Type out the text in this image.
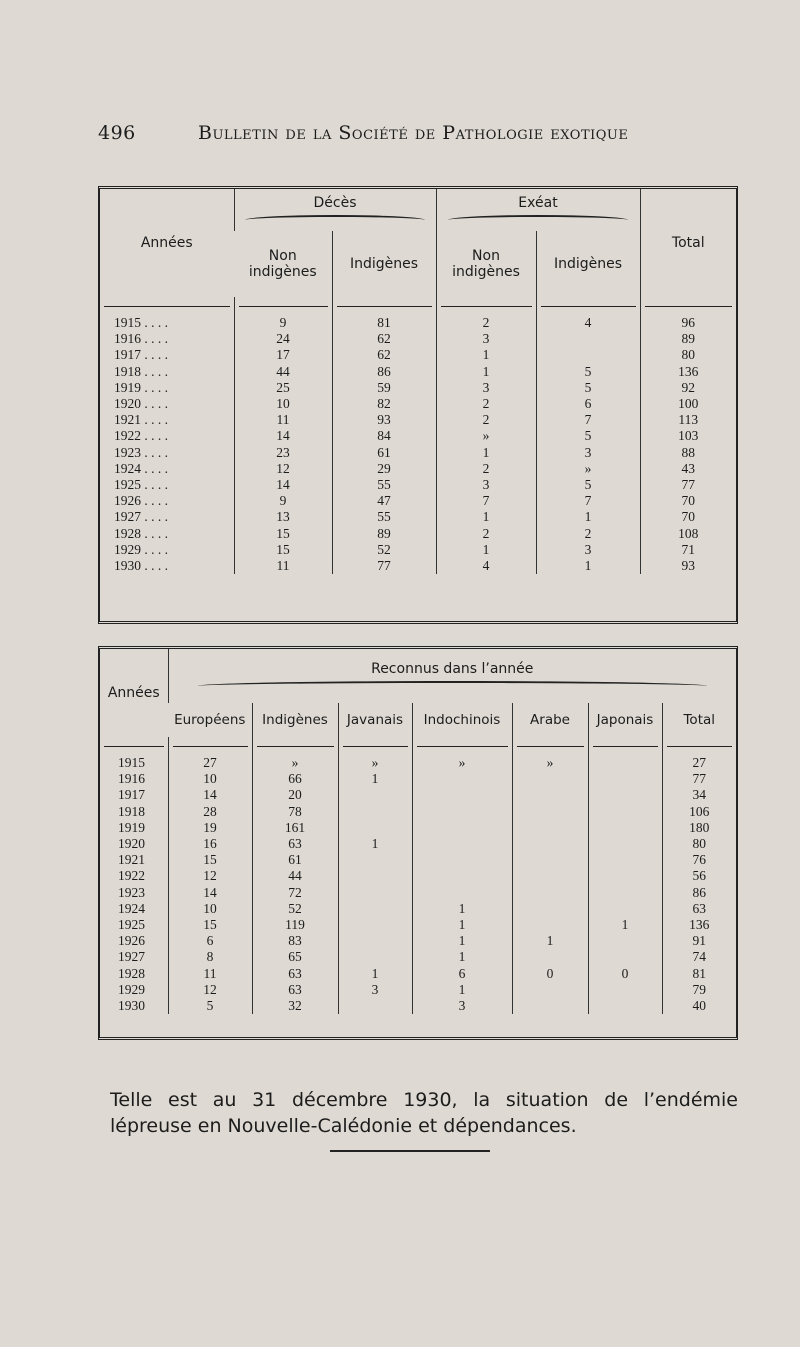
496	Bulletin de la Société de Pathologie exotique
Années	Décès		Exéat		Total
	Non indigènes	Indigènes	Non indigènes	Indigènes	

1915 . . . .	9	81	2	4	96
1916 . . . .	24	62	3		89
1917 . . . .	17	62	1		80
1918 . . . .	44	86	1	5	136
1919 . . . .	25	59	3	5	92
1920 . . . .	10	82	2	6	100
1921 . . . .	11	93	2	7	113
1922 . . . .	14	84	»	5	103
1923 . . . .	23	61	1	3	88
1924 . . . .	12	29	2	»	43
1925 . . . .	14	55	3	5	77
1926 . . . .	9	47	7	7	70
1927 . . . .	13	55	1	1	70
1928 . . . .	15	89	2	2	108
1929 . . . .	15	52	1	3	71
1930 . . . .	11	77	4	1	93
Années	Reconnus dans l’année						

	Européens	Indigènes	Javanais	Indochinois	Arabe	Japonais	Total

1915	27	»	»	»	»		27
1916	10	66	1				77
1917	14	20					34
1918	28	78					106
1919	19	161					180
1920	16	63	1				80
1921	15	61					76
1922	12	44					56
1923	14	72					86
1924	10	52		1			63
1925	15	119		1		1	136
1926	6	83		1	1		91
1927	8	65		1			74
1928	11	63	1	6	0	0	81
1929	12	63	3	1			79
1930	5	32		3			40

Telle est au 31 décembre 1930, la situation de l’endémie lépreuse en Nouvelle-Calédonie et dépendances.
